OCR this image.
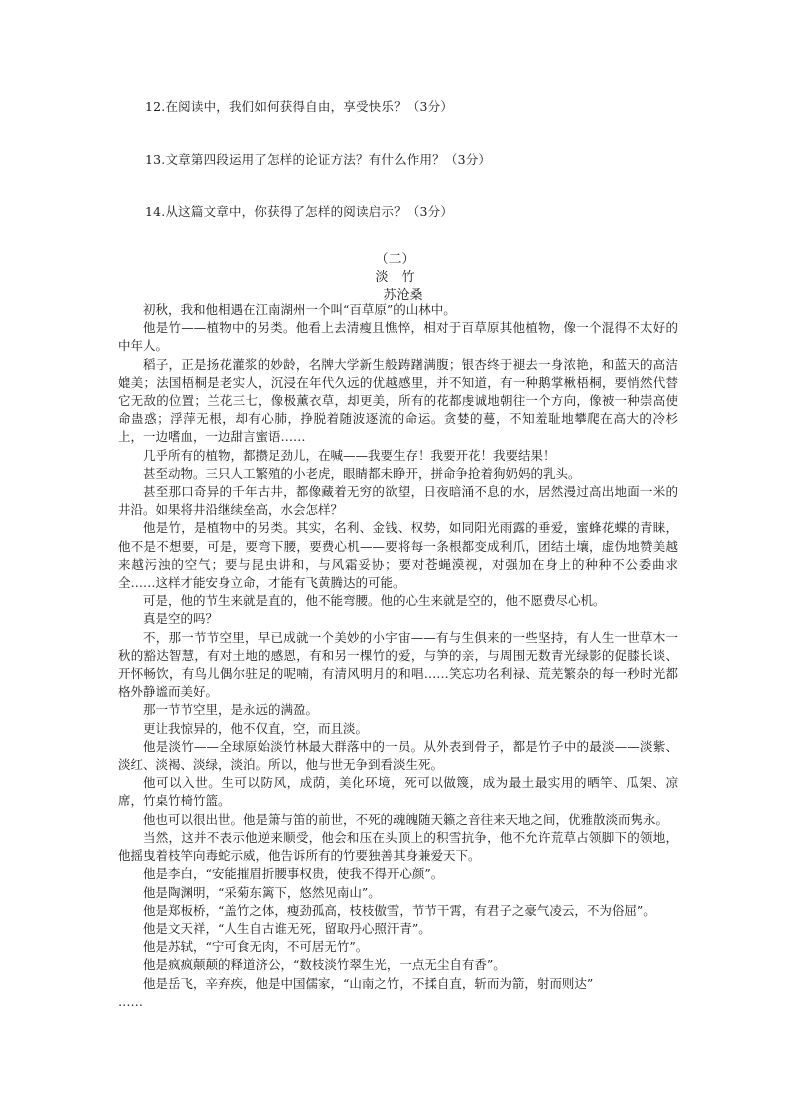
12.在阅读中，我们如何获得自由，享受快乐？（3分）
13.文章第四段运用了怎样的论证方法？有什么作用？（3分）
14.从这篇文章中，你获得了怎样的阅读启示？（3分）
（二）
淡　竹
苏沧桑

初秋，我和他相遇在江南湖州一个叫“百草原”的山林中。

他是竹——植物中的另类。他看上去清瘦且憔悴，相对于百草原其他植物，像一个混得不太好的中年人。

稻子，正是扬花灌浆的妙龄，名牌大学新生般踌躇满腹；银杏终于褪去一身浓艳，和蓝天的高洁媲美；法国梧桐是老实人，沉浸在年代久远的优越感里，并不知道，有一种鹅掌楸梧桐，要悄然代替它无敌的位置；兰花三七，像极薰衣草，却更美，所有的花都虔诚地朝往一个方向，像被一种崇高使命蛊惑；浮萍无根，却有心肺，挣脱着随波逐流的命运。贪婪的蔓，不知羞耻地攀爬在高大的冷杉上，一边嗜血，一边甜言蜜语……

几乎所有的植物，都攒足劲儿，在喊——我要生存！我要开花！我要结果！

甚至动物。三只人工繁殖的小老虎，眼睛都未睁开，拼命争抢着狗奶妈的乳头。

甚至那口奇异的千年古井，都像藏着无穷的欲望，日夜暗涌不息的水，居然漫过高出地面一米的井沿。如果将井沿继续垒高，水会怎样？

他是竹，是植物中的另类。其实，名利、金钱、权势，如同阳光雨露的垂爱，蜜蜂花蝶的青睐，他不是不想要，可是，要弯下腰，要费心机——要将每一条根都变成利爪，团结土壤，虚伪地赞美越来越污浊的空气；要与昆虫讲和，与风霜妥协；要对苍蝇漠视，对强加在身上的种种不公委曲求全……这样才能安身立命，才能有飞黄腾达的可能。

可是，他的节生来就是直的，他不能弯腰。他的心生来就是空的，他不愿费尽心机。

真是空的吗？

不，那一节节空里，早已成就一个美妙的小宇宙——有与生俱来的一些坚持，有人生一世草木一秋的豁达智慧，有对土地的感恩，有和另一棵竹的爱，与笋的亲，与周围无数青光绿影的促膝长谈、开怀畅饮，有鸟儿偶尔驻足的呢喃，有清风明月的和唱……笑忘功名利禄、荒芜繁杂的每一秒时光都格外静谧而美好。

那一节节空里，是永远的满盈。

更让我惊异的，他不仅直，空，而且淡。

他是淡竹——全球原始淡竹林最大群落中的一员。从外表到骨子，都是竹子中的最淡——淡紫、淡红、淡褐、淡绿，淡泊。所以，他与世无争到看淡生死。

他可以入世。生可以防风，成荫，美化环境，死可以做篾，成为最土最实用的晒竿、瓜架、凉席，竹桌竹椅竹篮。

他也可以很出世。他是箫与笛的前世，不死的魂魄随天籁之音往来天地之间，优雅散淡而隽永。

当然，这并不表示他逆来顺受，他会和压在头顶上的积雪抗争，他不允许荒草占领脚下的领地，他摇曳着枝竿向毒蛇示威，他告诉所有的竹要独善其身兼爱天下。

他是李白，“安能摧眉折腰事权贵，使我不得开心颜”。

他是陶渊明，“采菊东篱下，悠然见南山”。

他是郑板桥，“盖竹之体，瘦劲孤高，枝枝傲雪，节节干霄，有君子之豪气凌云，不为俗屈”。

他是文天祥，“人生自古谁无死，留取丹心照汗青”。

他是苏轼，“宁可食无肉，不可居无竹”。

他是疯疯颠颠的释道济公，“数枝淡竹翠生光，一点无尘自有香”。

他是岳飞，辛弃疾，他是中国儒家，“山南之竹，不揉自直，斩而为箭，射而则达”

……
